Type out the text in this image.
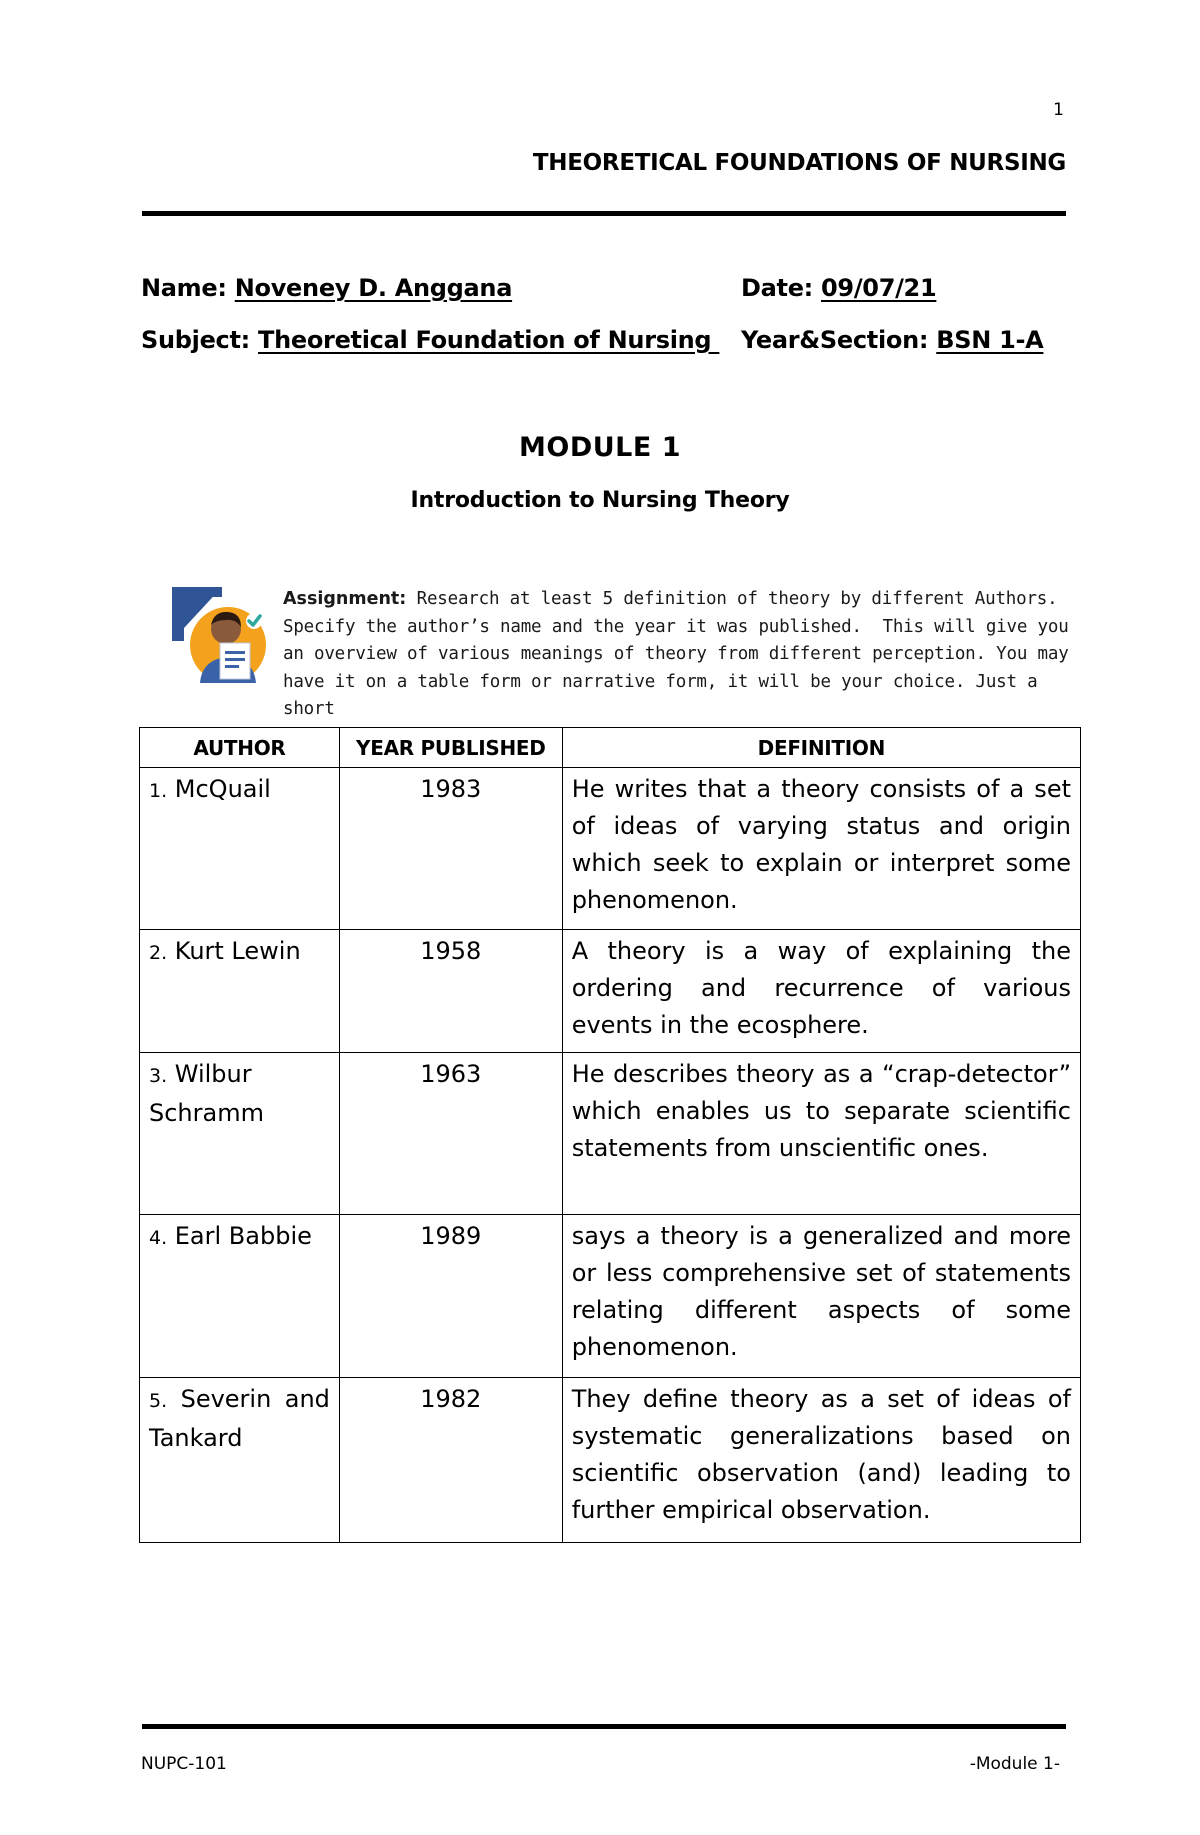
1
THEORETICAL FOUNDATIONS OF NURSING
Name: Noveney D. Anggana	Date: 09/07/21
Subject: Theoretical Foundation of Nursing Year&Section: BSN 1-A
MODULE 1
Introduction to Nursing Theory
Assignment: Research at least 5 definition of theory by different Authors. Specify the author’s name and the year it was published.  This will give you an overview of various meanings of theory from different perception. You may have it on a table form or narrative form, it will be your choice. Just a short
AUTHOR	YEAR PUBLISHED	DEFINITION
1. McQuail	1983	He writes that a theory consists of a set of ideas of varying status and origin which seek to explain or interpret some phenomenon.
2. Kurt Lewin	1958	A theory is a way of explaining the ordering and recurrence of various events in the ecosphere.
3. Wilbur Schramm	1963	He describes theory as a “crap-detector” which enables us to separate scientific statements from unscientific ones.
4. Earl Babbie	1989	says a theory is a generalized and more or less comprehensive set of statements relating different aspects of some phenomenon.
5. Severin and Tankard	1982	They define theory as a set of ideas of systematic generalizations based on scientific observation (and) leading to further empirical observation.
NUPC-101	-Module 1-
